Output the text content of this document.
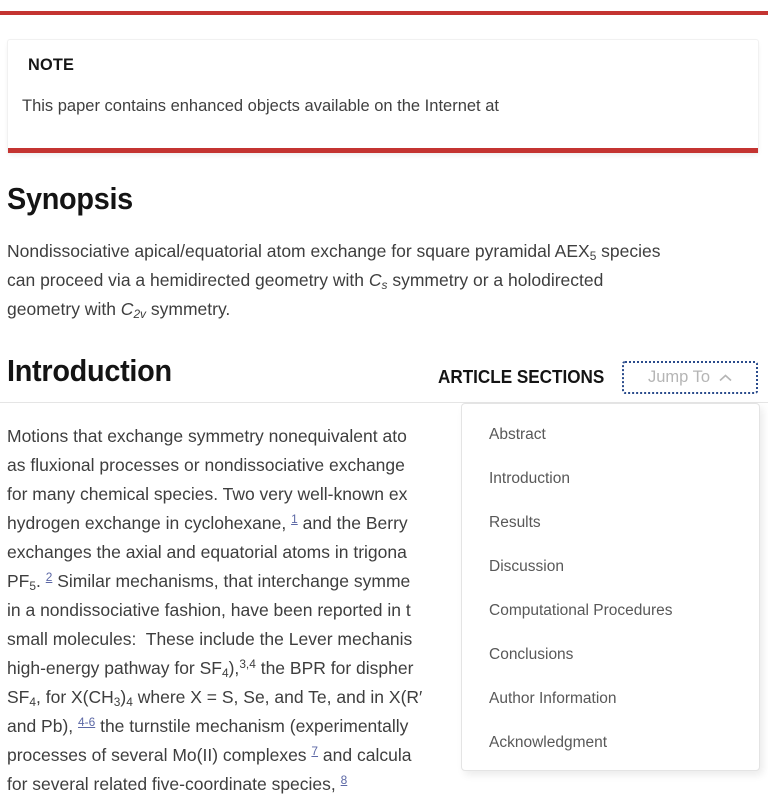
NOTE
This paper contains enhanced objects available on the Internet at
Synopsis
Nondissociative apical/equatorial atom exchange for square pyramidal $AEX_5$ species
can proceed via a hemidirected geometry with $C_s$ symmetry or a holodirected
geometry with $C_{2v}$ symmetry.
Introduction	ARTICLE SECTIONS	Jump To
Motions that exchange symmetry nonequivalent ato
as fluxional processes or nondissociative exchange
for many chemical species. Two very well-known ex
hydrogen exchange in cyclohexane, $^1$ and the Berry
exchanges the axial and equatorial atoms in trigona
$PF_5$. $^2$ Similar mechanisms, that interchange symme
in a nondissociative fashion, have been reported in t
small molecules:  These include the Lever mechanis
high-energy pathway for $SF_4),^{3,4}$ the BPR for dispher
$SF_4$, for $X(CH_3)_4$ where X = S, Se, and Te, and in X(R′
and Pb), $^{4-6}$ the turnstile mechanism (experimentally
processes of several Mo(II) complexes $^7$ and calcula
for several related five-coordinate species, $^8$
Abstract
Introduction
Results
Discussion
Computational Procedures
Conclusions
Author Information
Acknowledgment
